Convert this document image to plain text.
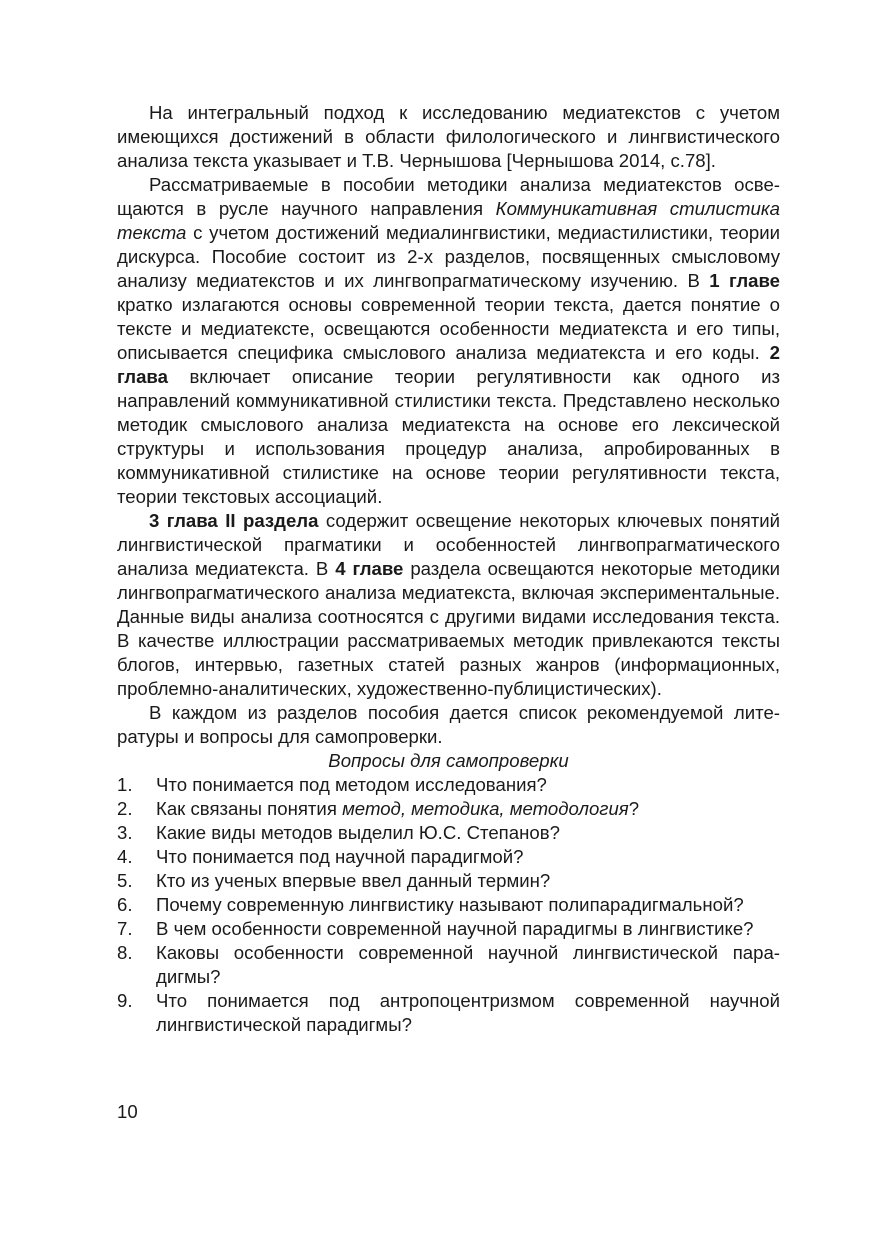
На интегральный подход к исследованию медиатекстов с учетом имеющихся достижений в области филологического и лингвистического анализа текста указывает и Т.В. Чернышова [Чернышова 2014, с.78].

Рассматриваемые в пособии методики анализа медиатекстов освещаются в русле научного направления Коммуникативная стилистика текста с учетом достижений медиалингвистики, медиастилистики, теории дискурса. Пособие состоит из 2-х разделов, посвященных смысловому анализу медиатекстов и их лингвопрагматическому изучению. В 1 главе кратко излагаются основы современной теории текста, дается понятие о тексте и медиатексте, освещаются особенности медиатекста и его типы, описывается специфика смыслового анализа медиатекста и его коды. 2 глава включает описание теории регулятивности как одного из направлений коммуникативной стилистики текста. Представлено несколько методик смыслового анализа медиатекста на основе его лексической структуры и использования процедур анализа, апробированных в коммуникативной стилистике на основе теории регулятивности текста, теории текстовых ассоциаций.

3 глава II раздела содержит освещение некоторых ключевых понятий лингвистической прагматики и особенностей лингвопрагматического анализа медиатекста. В 4 главе раздела освещаются некоторые методики лингвопрагматического анализа медиатекста, включая экспериментальные. Данные виды анализа соотносятся с другими видами исследования текста. В качестве иллюстрации рассматриваемых методик привлекаются тексты блогов, интервью, газетных статей разных жанров (информационных, проблемно-аналитических, художественно-публицистических).

В каждом из разделов пособия дается список рекомендуемой литературы и вопросы для самопроверки.

Вопросы для самопроверки

1. Что понимается под методом исследования?
2. Как связаны понятия метод, методика, методология?
3. Какие виды методов выделил Ю.С. Степанов?
4. Что понимается под научной парадигмой?
5. Кто из ученых впервые ввел данный термин?
6. Почему современную лингвистику называют полипарадигмальной?
7. В чем особенности современной научной парадигмы в лингвистике?
8. Каковы особенности современной научной лингвистической парадигмы?
9. Что понимается под антропоцентризмом современной научной лингвистической парадигмы?
10
